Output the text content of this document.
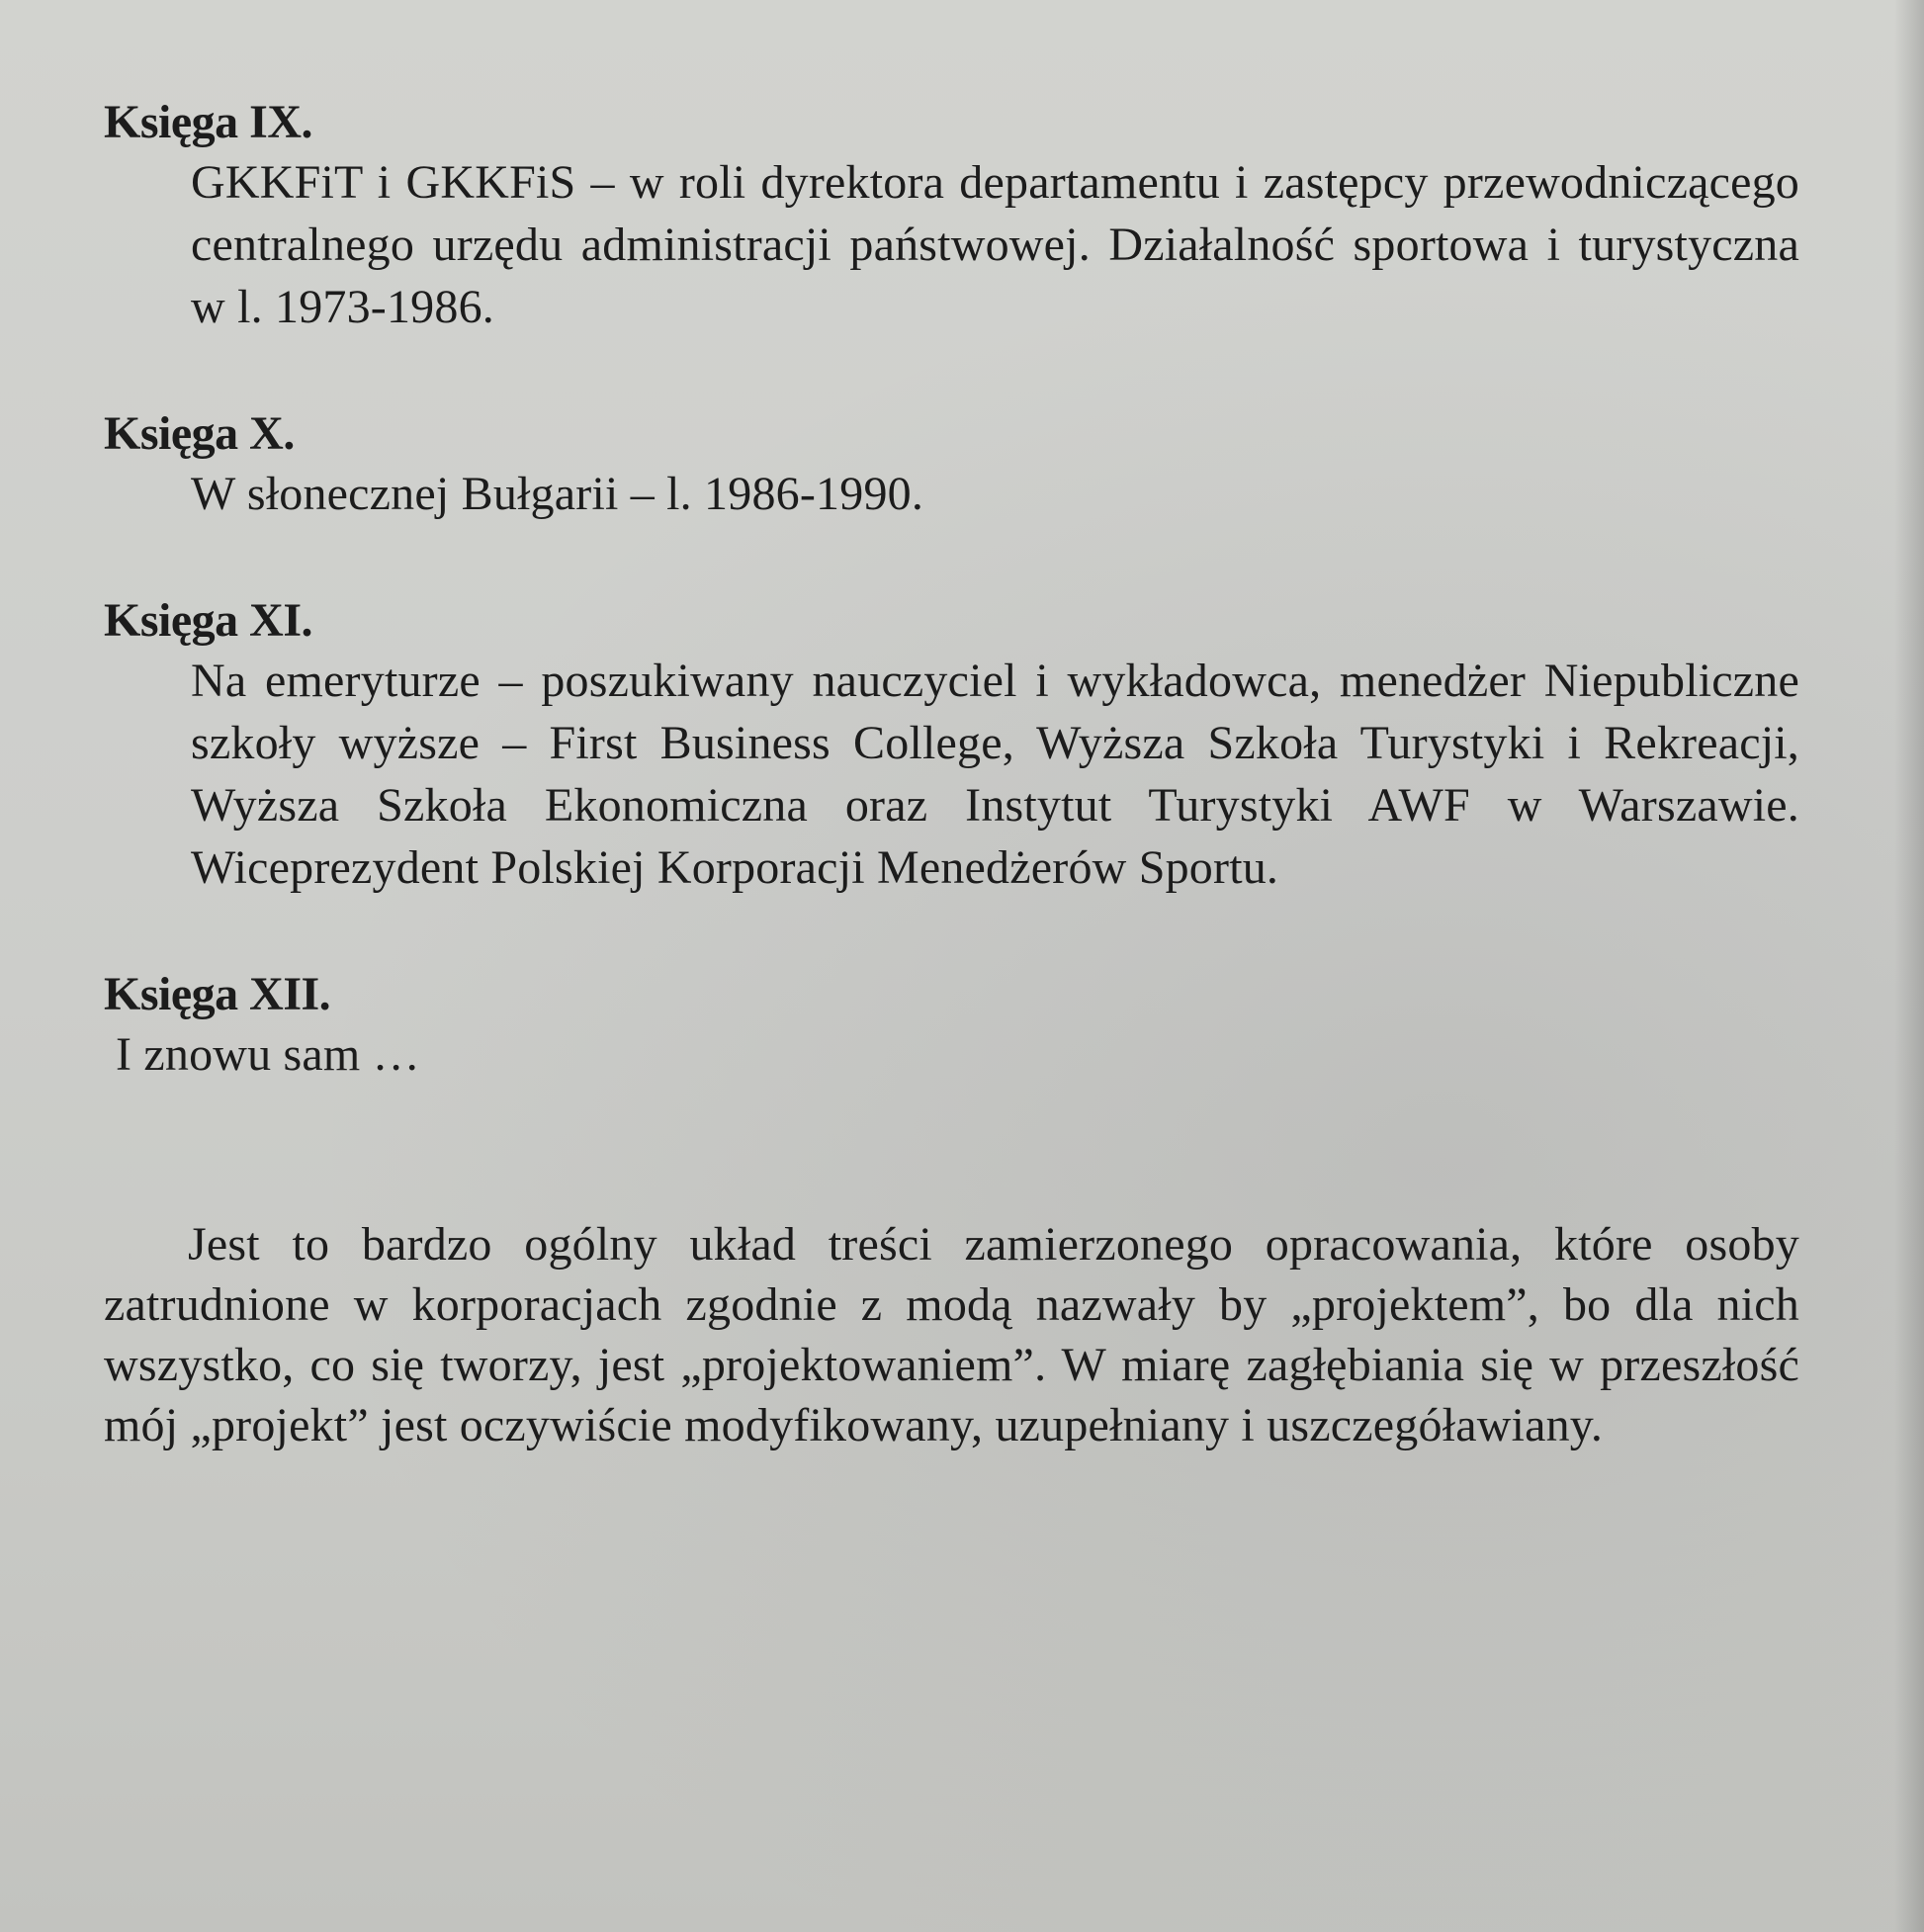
Księga IX.
GKKFiT i GKKFiS – w roli dyrektora departamentu i zastępcy przewodniczącego centralnego urzędu administracji państwowej. Działalność sportowa i turystyczna w l. 1973-1986.
Księga X.
W słonecznej Bułgarii – l. 1986-1990.
Księga XI.
Na emeryturze – poszukiwany nauczyciel i wykładowca, menedżer Niepubliczne szkoły wyższe – First Business College, Wyższa Szkoła Turystyki i Rekreacji, Wyższa Szkoła Ekonomiczna oraz Instytut Turystyki AWF w Warszawie. Wiceprezydent Polskiej Korporacji Menedżerów Sportu.
Księga XII.
I znowu sam …

Jest to bardzo ogólny układ treści zamierzonego opracowania, które osoby zatrudnione w korporacjach zgodnie z modą nazwały by „projektem”, bo dla nich wszystko, co się tworzy, jest „projektowaniem”. W miarę zagłębiania się w przeszłość mój „projekt” jest oczywiście modyfikowany, uzupełniany i uszczegóławiany.
